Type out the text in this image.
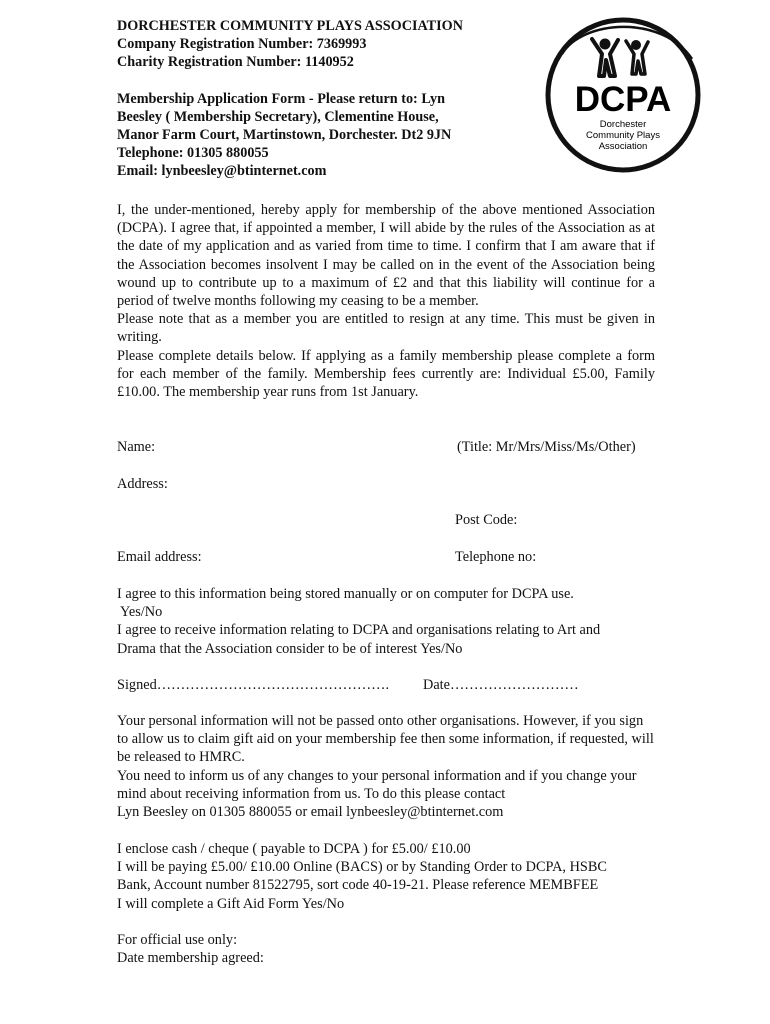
DORCHESTER COMMUNITY PLAYS ASSOCIATION
Company Registration Number: 7369993
Charity Registration Number: 1140952
Membership Application Form - Please return to: Lyn
Beesley ( Membership Secretary), Clementine House,
Manor Farm Court, Martinstown, Dorchester. Dt2 9JN
Telephone: 01305 880055
Email: lynbeesley@btinternet.com
DCPA
Dorchester
Community Plays
Association

I, the under-mentioned, hereby apply for membership of the above mentioned Association (DCPA). I agree that, if appointed a member, I will abide by the rules of the Association as at the date of my application and as varied from time to time. I confirm that I am aware that if the Association becomes insolvent I may be called on in the event of the Association being wound up to contribute up to a maximum of £2 and that this liability will continue for a period of twelve months following my ceasing to be a member.

Please note that as a member you are entitled to resign at any time. This must be given in writing.

Please complete details below. If applying as a family membership please complete a form for each member of the family. Membership fees currently are: Individual £5.00, Family £10.00. The membership year runs from 1st January.

Name:	(Title: Mr/Mrs/Miss/Ms/Other)
Address:
Post Code:
Email address:	Telephone no:
I agree to this information being stored manually or on computer for DCPA use.
Yes/No
I agree to receive information relating to DCPA and organisations relating to Art and
Drama that the Association consider to be of interest Yes/No
Signed…………………………………………. Date………………………

Your personal information will not be passed onto other organisations. However, if you sign to allow us to claim gift aid on your membership fee then some information, if requested, will be released to HMRC.

You need to inform us of any changes to your personal information and if you change your mind about receiving information from us. To do this please contact

Lyn Beesley on 01305 880055 or email lynbeesley@btinternet.com

I enclose cash / cheque ( payable to DCPA ) for £5.00/ £10.00
I will be paying £5.00/ £10.00 Online (BACS) or by Standing Order to DCPA, HSBC
Bank, Account number 81522795, sort code 40-19-21. Please reference MEMBFEE
I will complete a Gift Aid Form Yes/No
For official use only:
Date membership agreed:
